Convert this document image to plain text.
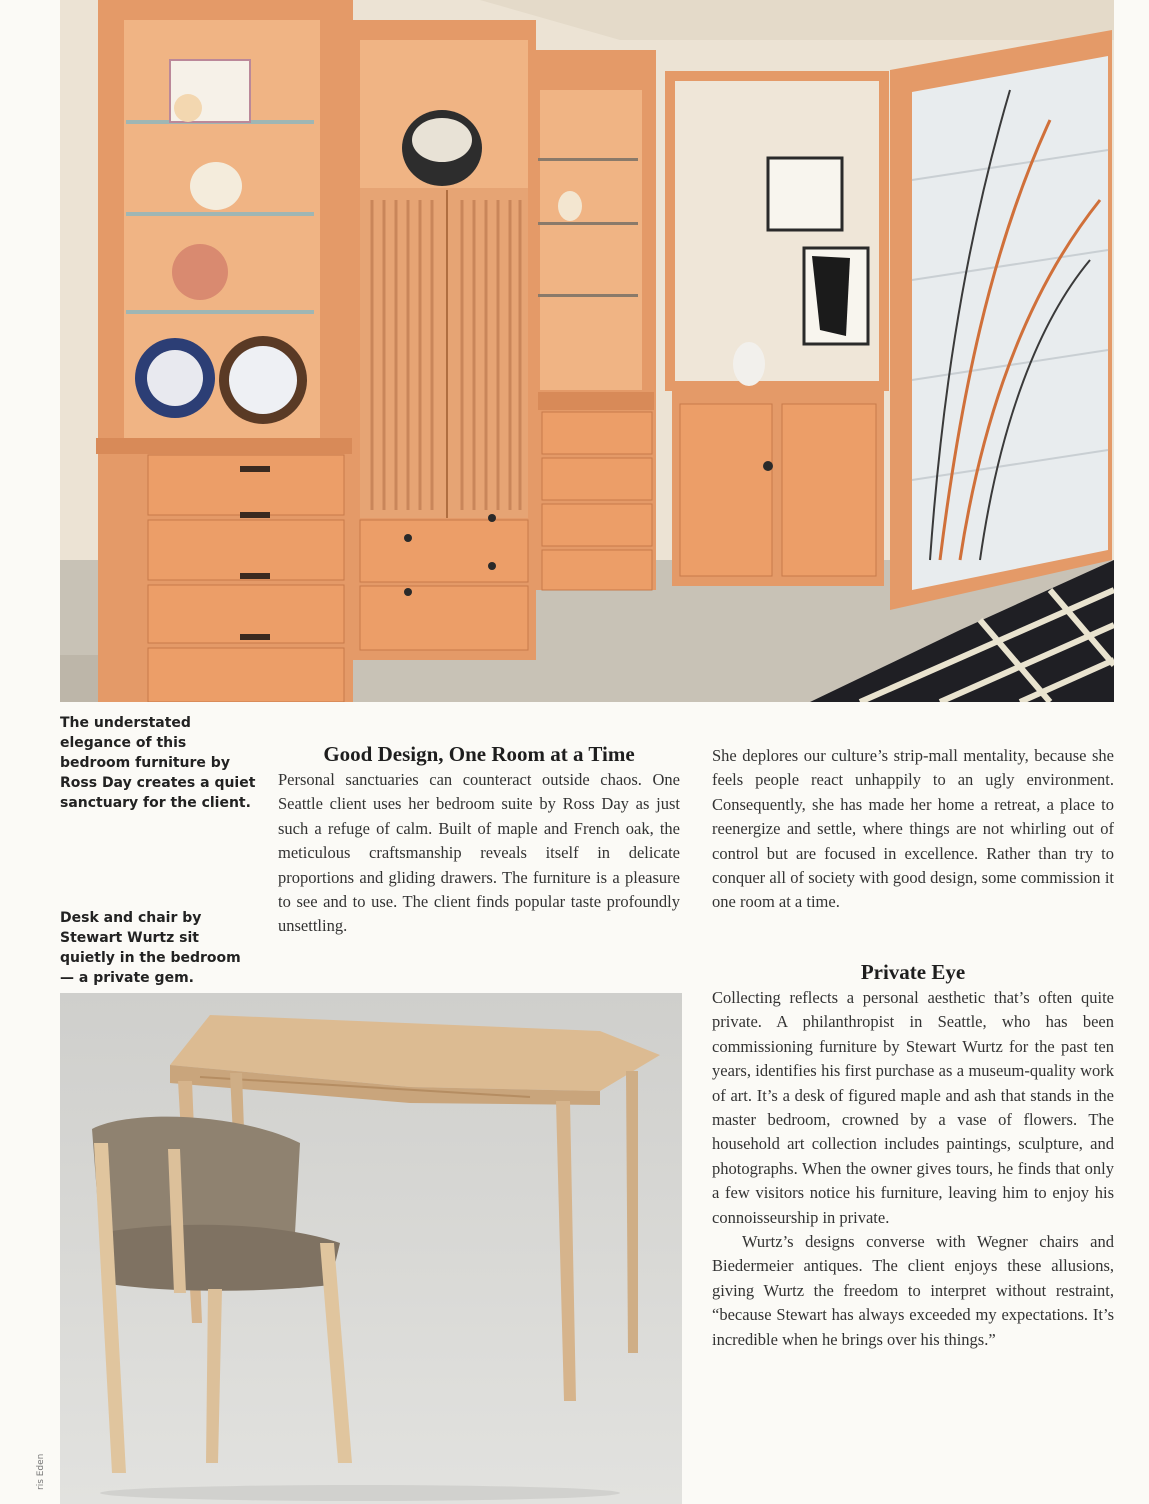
The understated elegance of this bedroom furniture by Ross Day creates a quiet sanctuary for the client.
Desk and chair by Stewart Wurtz sit quietly in the bedroom — a private gem.
Good Design, One Room at a Time

Personal sanctuaries can counteract outside chaos. One Seattle client uses her bedroom suite by Ross Day as just such a refuge of calm. Built of maple and French oak, the meticulous craftsmanship reveals itself in delicate proportions and gliding drawers. The furniture is a pleasure to see and to use. The client finds popular taste profoundly unsettling.

She deplores our culture’s strip-mall mentality, because she feels people react unhappily to an ugly environment. Consequently, she has made her home a retreat, a place to reenergize and settle, where things are not whirling out of control but are focused in excellence. Rather than try to conquer all of society with good design, some commission it one room at a time.

Private Eye

Collecting reflects a personal aesthetic that’s often quite private. A philanthropist in Seattle, who has been commissioning furniture by Stewart Wurtz for the past ten years, identifies his first purchase as a museum-quality work of art. It’s a desk of figured maple and ash that stands in the master bedroom, crowned by a vase of flowers. The household art collection includes paintings, sculpture, and photographs. When the owner gives tours, he finds that only a few visitors notice his furniture, leaving him to enjoy his connoisseurship in private.

Wurtz’s designs converse with Wegner chairs and Biedermeier antiques. The client enjoys these allusions, giving Wurtz the freedom to interpret without restraint, “because Stewart has always exceeded my expectations. It’s incredible when he brings over his things.”

ris Eden
